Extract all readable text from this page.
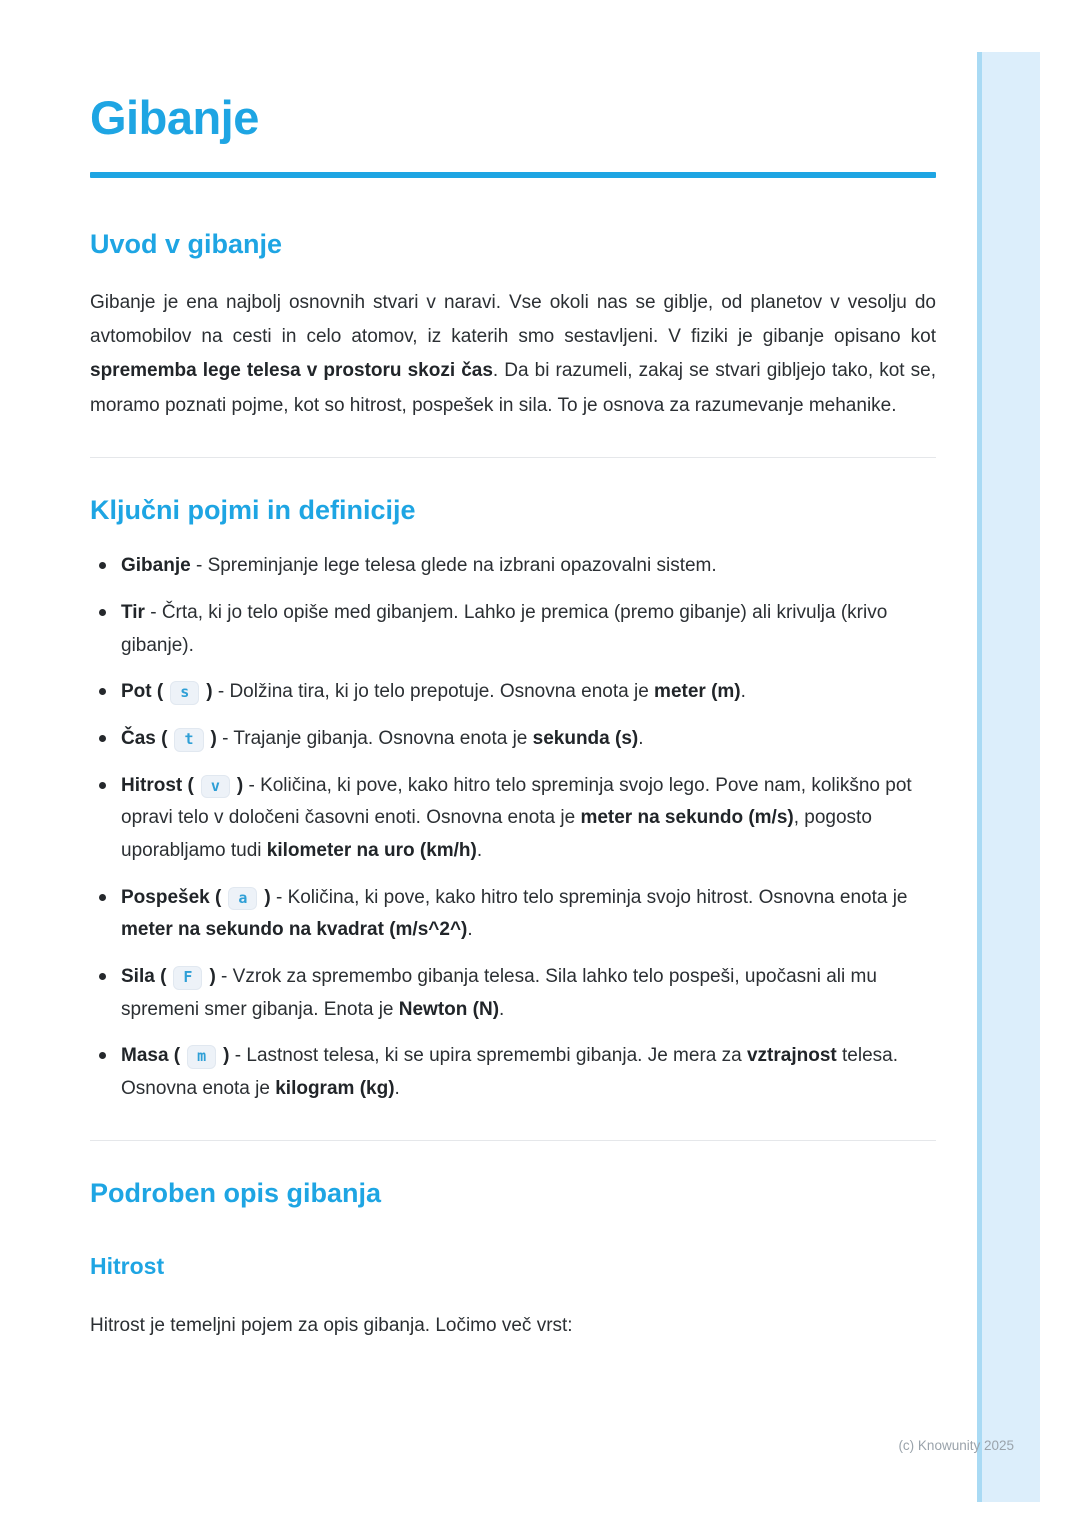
Gibanje
Uvod v gibanje

Gibanje je ena najbolj osnovnih stvari v naravi. Vse okoli nas se giblje, od planetov v vesolju do avtomobilov na cesti in celo atomov, iz katerih smo sestavljeni. V fiziki je gibanje opisano kot sprememba lege telesa v prostoru skozi čas. Da bi razumeli, zakaj se stvari gibljejo tako, kot se, moramo poznati pojme, kot so hitrost, pospešek in sila. To je osnova za razumevanje mehanike.

Ključni pojmi in definicije
Gibanje - Spreminjanje lege telesa glede na izbrani opazovalni sistem.
Tir - Črta, ki jo telo opiše med gibanjem. Lahko je premica (premo gibanje) ali krivulja (krivo gibanje).
Pot ( s ) - Dolžina tira, ki jo telo prepotuje. Osnovna enota je meter (m).
Čas ( t ) - Trajanje gibanja. Osnovna enota je sekunda (s).
Hitrost ( v ) - Količina, ki pove, kako hitro telo spreminja svojo lego. Pove nam, kolikšno pot opravi telo v določeni časovni enoti. Osnovna enota je meter na sekundo (m/s), pogosto uporabljamo tudi kilometer na uro (km/h).
Pospešek ( a ) - Količina, ki pove, kako hitro telo spreminja svojo hitrost. Osnovna enota je meter na sekundo na kvadrat (m/s^2^).
Sila ( F ) - Vzrok za spremembo gibanja telesa. Sila lahko telo pospeši, upočasni ali mu spremeni smer gibanja. Enota je Newton (N).
Masa ( m ) - Lastnost telesa, ki se upira spremembi gibanja. Je mera za vztrajnost telesa. Osnovna enota je kilogram (kg).
Podroben opis gibanja
Hitrost

Hitrost je temeljni pojem za opis gibanja. Ločimo več vrst:

(c) Knowunity 2025
